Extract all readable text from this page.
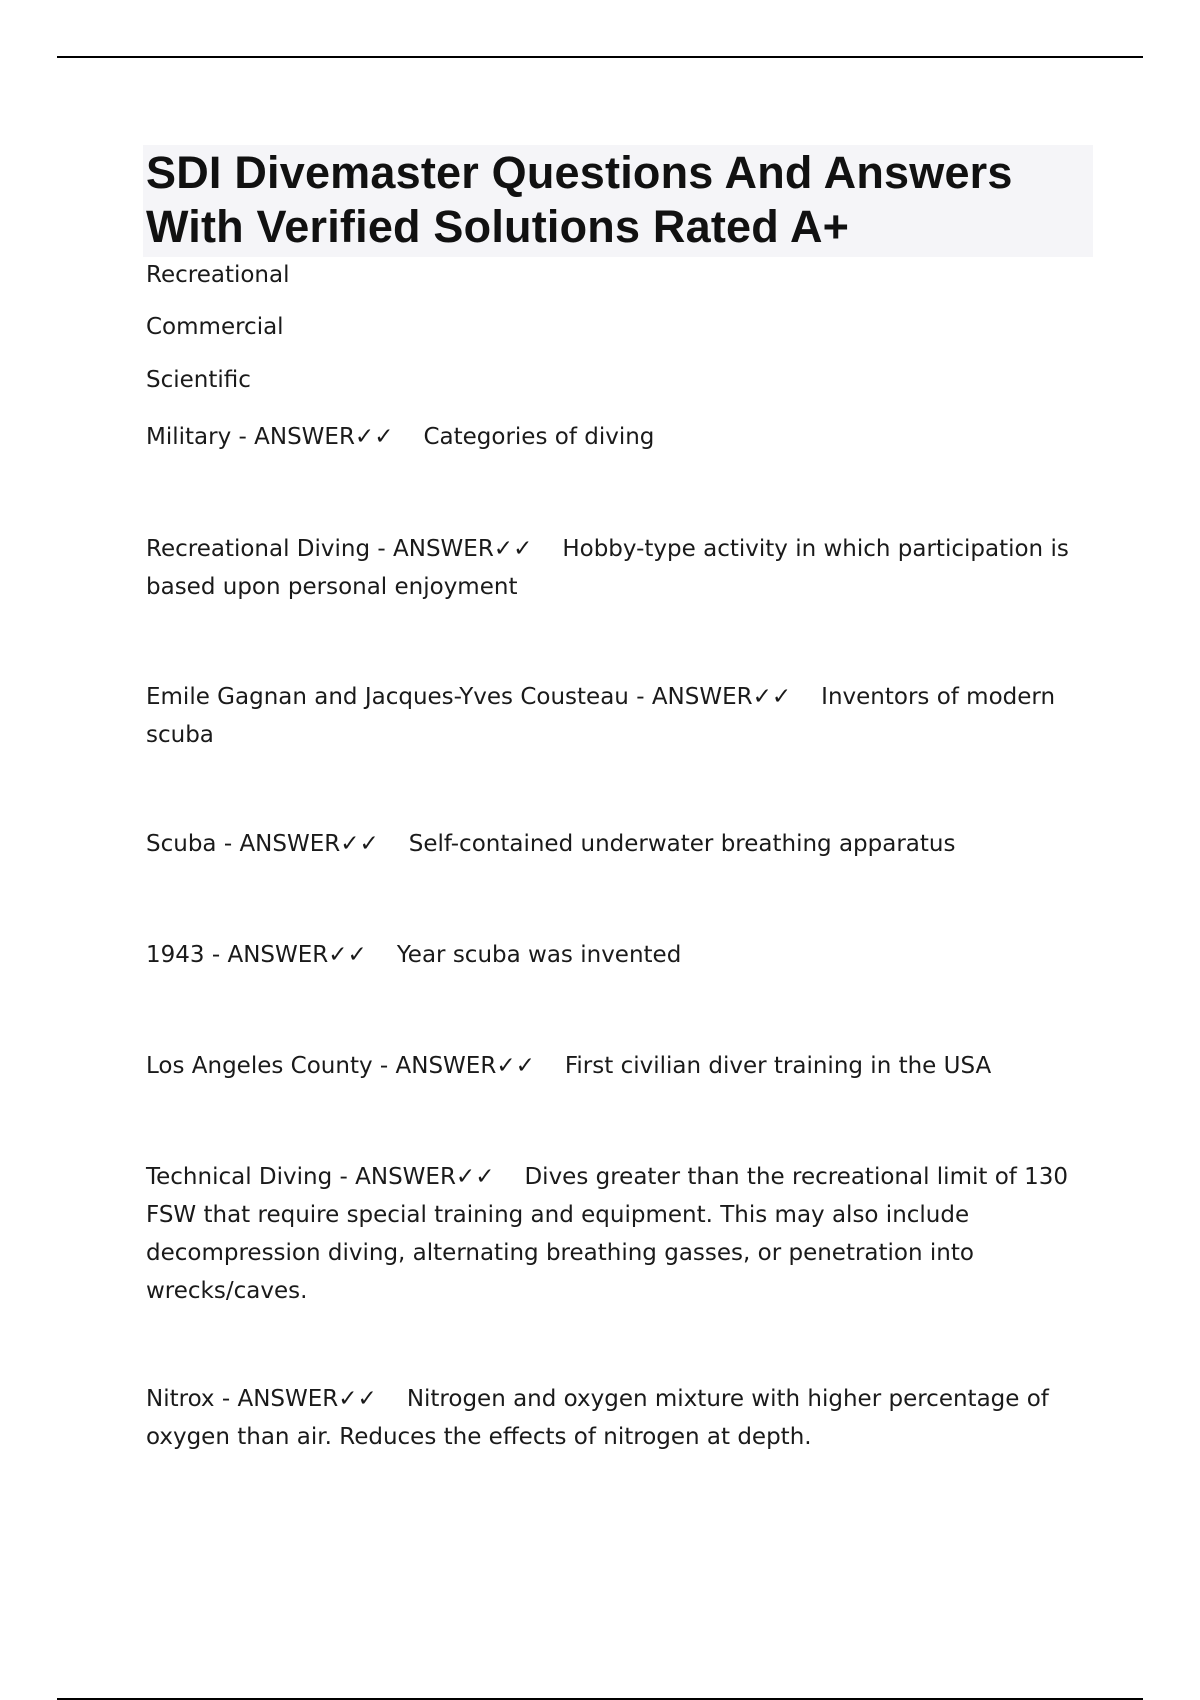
SDI Divemaster Questions And Answers
With Verified Solutions Rated A+

Recreational

Commercial

Scientific

Military - ANSWER✓✓ Categories of diving

Recreational Diving - ANSWER✓✓ Hobby-type activity in which participation is based upon personal enjoyment

Emile Gagnan and Jacques-Yves Cousteau - ANSWER✓✓ Inventors of modern scuba

Scuba - ANSWER✓✓ Self-contained underwater breathing apparatus

1943 - ANSWER✓✓ Year scuba was invented

Los Angeles County - ANSWER✓✓ First civilian diver training in the USA

Technical Diving - ANSWER✓✓ Dives greater than the recreational limit of 130 FSW that require special training and equipment. This may also include decompression diving, alternating breathing gasses, or penetration into wrecks/caves.

Nitrox - ANSWER✓✓ Nitrogen and oxygen mixture with higher percentage of oxygen than air. Reduces the effects of nitrogen at depth.
